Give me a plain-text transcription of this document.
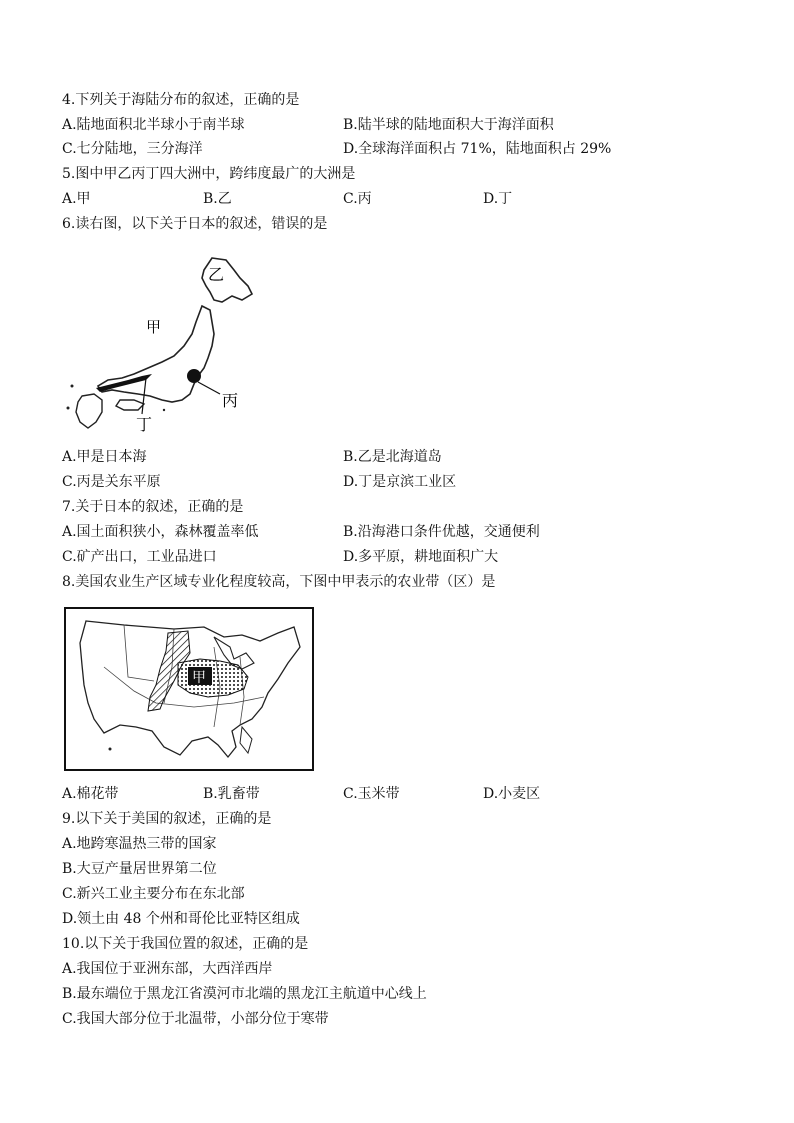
4.下列关于海陆分布的叙述，正确的是
A.陆地面积北半球小于南半球	B.陆半球的陆地面积大于海洋面积
C.七分陆地，三分海洋	D.全球海洋面积占 71%，陆地面积占 29%
5.图中甲乙丙丁四大洲中，跨纬度最广的大洲是
A.甲	B.乙	C.丙	D.丁
6.读右图，以下关于日本的叙述，错误的是
乙
甲
丙
丁
A.甲是日本海	B.乙是北海道岛
C.丙是关东平原	D.丁是京滨工业区
7.关于日本的叙述，正确的是
A.国土面积狭小，森林覆盖率低	B.沿海港口条件优越，交通便利
C.矿产出口，工业品进口	D.多平原，耕地面积广大
8.美国农业生产区域专业化程度较高，下图中甲表示的农业带（区）是
甲
A.棉花带	B.乳畜带	C.玉米带	D.小麦区
9.以下关于美国的叙述，正确的是
A.地跨寒温热三带的国家
B.大豆产量居世界第二位
C.新兴工业主要分布在东北部
D.领土由 48 个州和哥伦比亚特区组成
10.以下关于我国位置的叙述，正确的是
A.我国位于亚洲东部，大西洋西岸
B.最东端位于黑龙江省漠河市北端的黑龙江主航道中心线上
C.我国大部分位于北温带，小部分位于寒带
